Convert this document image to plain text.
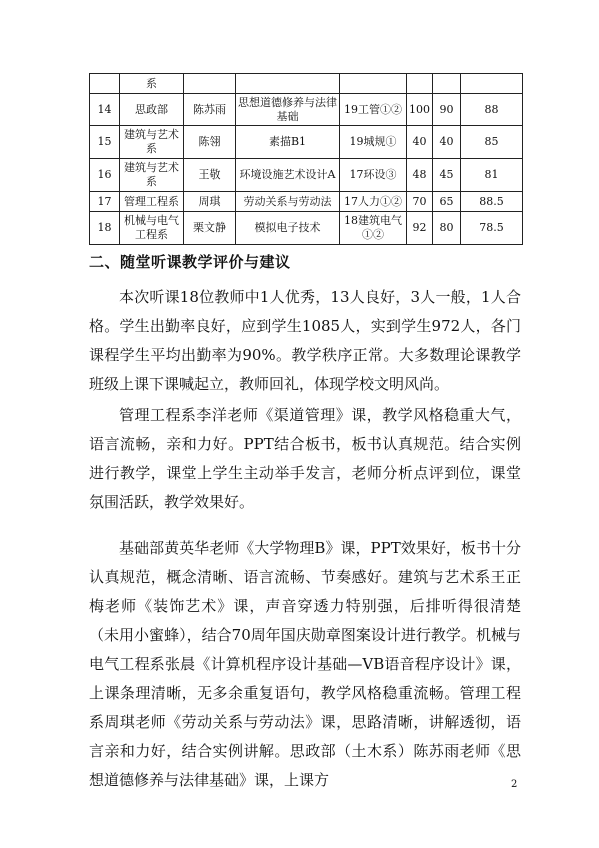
	系						
14	思政部	陈苏雨	思想道德修养与法律基础	19工管①②	100	90	88
15	建筑与艺术系	陈翎	素描B1	19城规①	40	40	85
16	建筑与艺术系	王敬	环境设施艺术设计A	17环设③	48	45	81
17	管理工程系	周琪	劳动关系与劳动法	17人力①②	70	65	88.5
18	机械与电气工程系	栗文静	模拟电子技术	18建筑电气①②	92	80	78.5
二、随堂听课教学评价与建议

本次听课18位教师中1人优秀，13人良好，3人一般，1人合格。学生出勤率良好，应到学生1085人，实到学生972人，各门课程学生平均出勤率为90%。教学秩序正常。大多数理论课教学班级上课下课喊起立，教师回礼，体现学校文明风尚。

管理工程系李洋老师《渠道管理》课，教学风格稳重大气，语言流畅，亲和力好。PPT结合板书，板书认真规范。结合实例进行教学，课堂上学生主动举手发言，老师分析点评到位，课堂氛围活跃，教学效果好。

基础部黄英华老师《大学物理B》课，PPT效果好，板书十分认真规范，概念清晰、语言流畅、节奏感好。建筑与艺术系王正梅老师《装饰艺术》课，声音穿透力特别强，后排听得很清楚（未用小蜜蜂），结合70周年国庆勋章图案设计进行教学。机械与电气工程系张晨《计算机程序设计基础—VB语音程序设计》课，上课条理清晰，无多余重复语句，教学风格稳重流畅。管理工程系周琪老师《劳动关系与劳动法》课，思路清晰，讲解透彻，语言亲和力好，结合实例讲解。思政部（土木系）陈苏雨老师《思想道德修养与法律基础》课，上课方	2
